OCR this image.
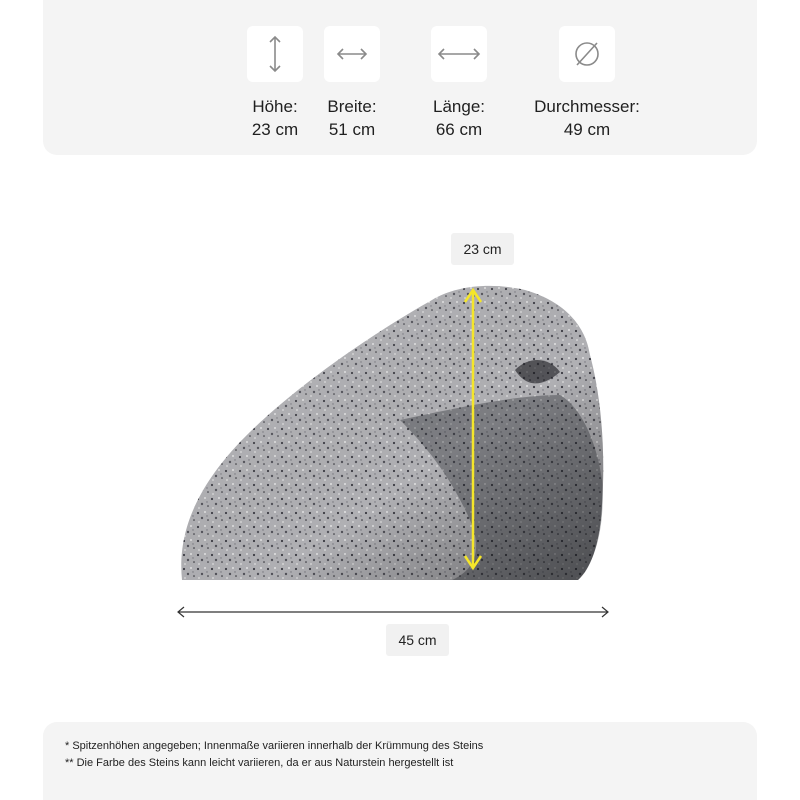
Höhe:
23 cm
Breite:
51 cm
Länge:
66 cm
Durchmesser:
49 cm
23 cm
45 cm
* Spitzenhöhen angegeben; Innenmaße variieren innerhalb der Krümmung des Steins
** Die Farbe des Steins kann leicht variieren, da er aus Naturstein hergestellt ist
